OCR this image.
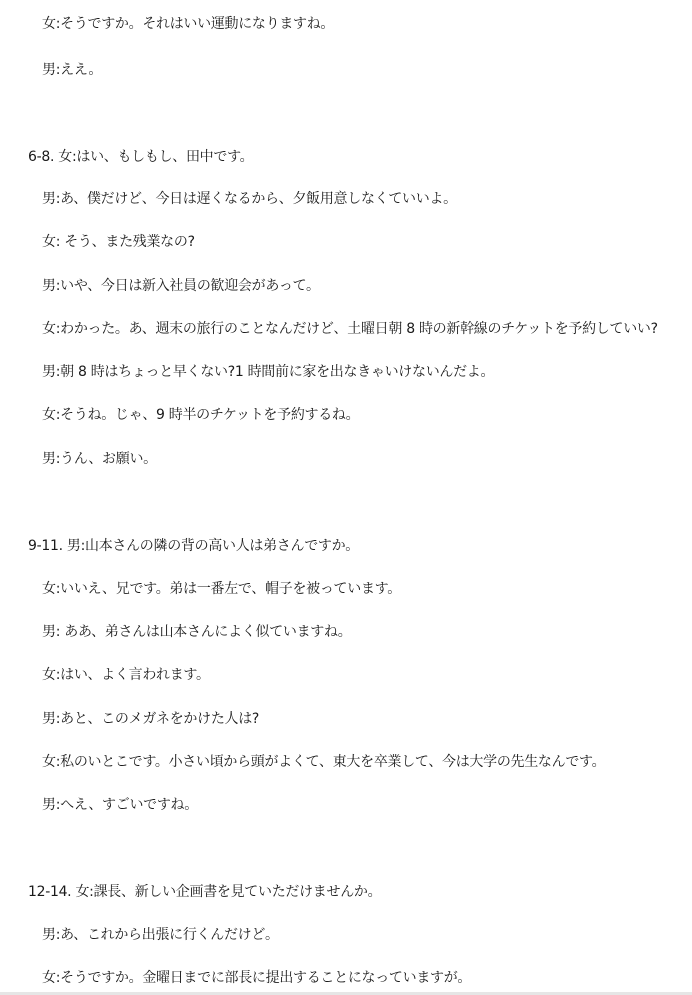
女:そうですか。それはいい運動になりますね。
男:ええ。
6-8. 女:はい、もしもし、田中です。
男:あ、僕だけど、今日は遅くなるから、夕飯用意しなくていいよ。
女: そう、また残業なの?
男:いや、今日は新入社員の歓迎会があって。
女:わかった。あ、週末の旅行のことなんだけど、土曜日朝 8 時の新幹線のチケットを予約していい?
男:朝 8 時はちょっと早くない?1 時間前に家を出なきゃいけないんだよ。
女:そうね。じゃ、9 時半のチケットを予約するね。
男:うん、お願い。
9-11. 男:山本さんの隣の背の高い人は弟さんですか。
女:いいえ、兄です。弟は一番左で、帽子を被っています。
男: ああ、弟さんは山本さんによく似ていますね。
女:はい、よく言われます。
男:あと、このメガネをかけた人は?
女:私のいとこです。小さい頃から頭がよくて、東大を卒業して、今は大学の先生なんです。
男:へえ、すごいですね。
12-14. 女:課長、新しい企画書を見ていただけませんか。
男:あ、これから出張に行くんだけど。
女:そうですか。金曜日までに部長に提出することになっていますが。
